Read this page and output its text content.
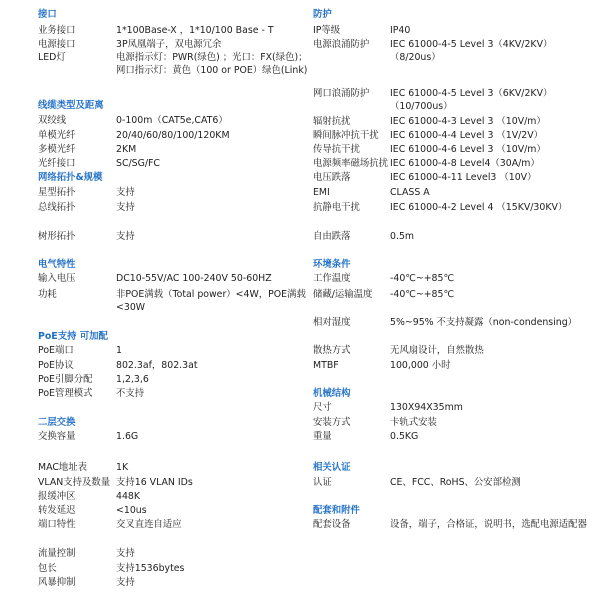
接口
业务接口	1*100Base-X ，1*10/100 Base - T
电源接口	3P凤凰端子，双电源冗余
LED灯	电源指示灯：PWR(绿色) ；光口：FX(绿色)；
网口指示灯：黄色（100 or POE）绿色(Link)
线缆类型及距离
双绞线	0-100m（CAT5e,CAT6）
单模光纤	20/40/60/80/100/120KM
多模光纤	2KM
光纤接口	SC/SG/FC
网络拓扑&规模
星型拓扑	支持
总线拓扑	支持
树形拓扑	支持
电气特性
输入电压	DC10-55V/AC 100-240V 50-60HZ
功耗	非POE满载（Total power）<4W，POE满载
<30W
PoE支持 可加配
PoE端口	1
PoE协议	802.3af，802.3at
PoE引脚分配	1,2,3,6
PoE管理模式	不支持
二层交换
交换容量	1.6G
MAC地址表	1K
VLAN支持及数量 支持16 VLAN IDs
报缓冲区	448K
转发延迟	<10us
端口特性	交叉直连自适应
流量控制	支持
包长	支持1536bytes
风暴抑制	支持
防护
IP等级	IP40
电源浪涌防护 IEC 61000-4-5 Level 3（4KV/2KV）
（8/20us）
网口浪涌防护 IEC 61000-4-5 Level 3（6KV/2KV）
（10/700us）
辐射抗扰	IEC 61000-4-3 Level 3 （10V/m）
瞬间脉冲抗干扰 IEC 61000-4-4 Level 3 （1V/2V）
传导抗干扰	IEC 61000-4-6 Level 3 （10V/m）
电源频率磁场抗扰 IEC 61000-4-8 Level4（30A/m）
电压跌落	IEC 61000-4-11 Level3 （10V）
EMI	CLASS A
抗静电干扰	IEC 61000-4-2 Level 4 （15KV/30KV）
自由跌落	0.5m
环境条件
工作温度	-40℃~+85℃
储藏/运输温度 -40℃~+85℃
相对湿度	5%~95% 不支持凝露（non-condensing）
散热方式	无风扇设计，自然散热
MTBF	100,000 小时
机械结构
尺寸	130X94X35mm
安装方式	卡轨式安装
重量	0.5KG
相关认证
认证	CE、FCC、RoHS、公安部检测
配套和附件
配套设备	设备，端子，合格证，说明书，选配电源适配器
